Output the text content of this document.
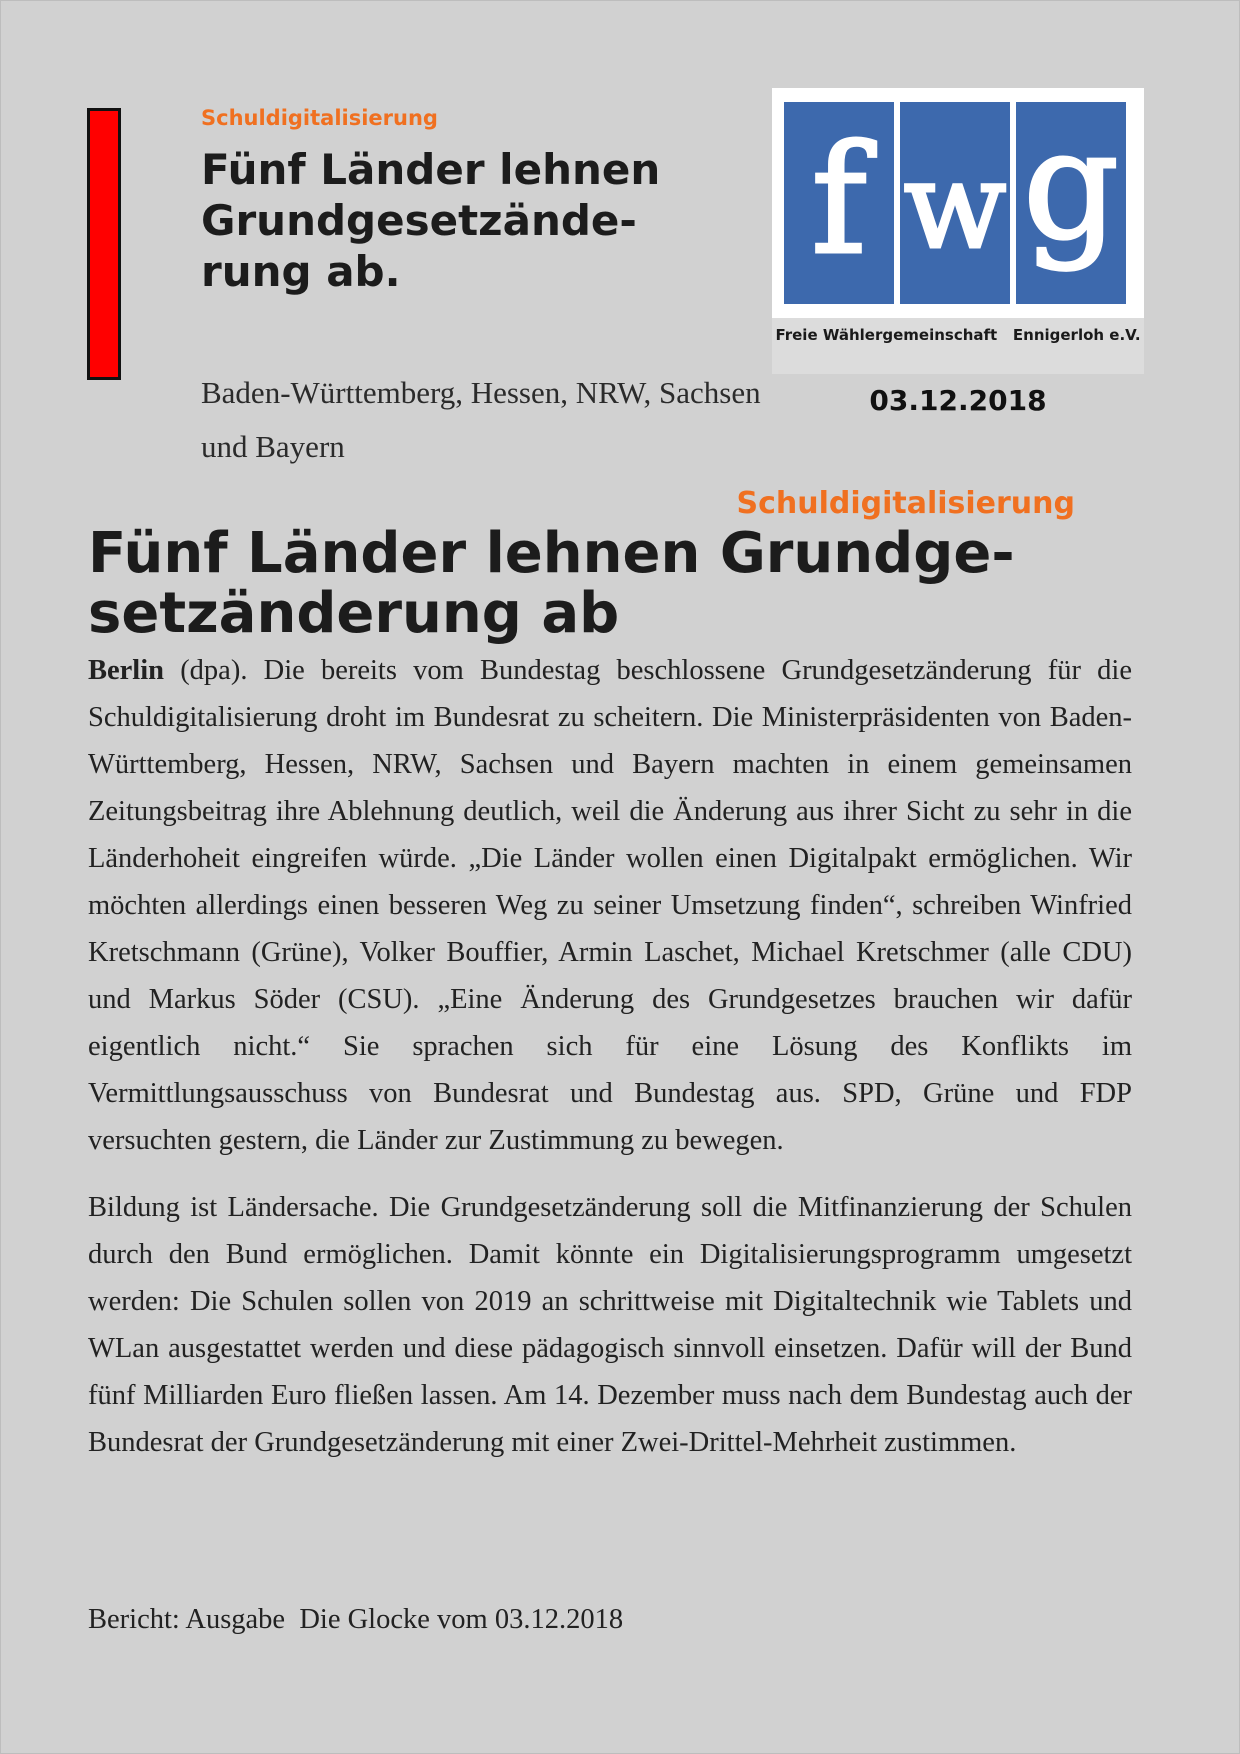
Schuldigitalisierung
Fünf Länder lehnen Grundgesetzänderung ab.
Baden-Württemberg, Hessen, NRW, Sachsen und Bayern
f w g
Freie Wählergemeinschaft   Ennigerloh e.V.
03.12.2018
Schuldigitalisierung
Fünf Länder lehnen Grundgesetzänderung ab

Berlin (dpa). Die bereits vom Bundestag beschlossene Grundgesetzänderung für die Schuldigitalisierung droht im Bundesrat zu scheitern. Die Ministerpräsidenten von Baden-Württemberg, Hessen, NRW, Sachsen und Bayern machten in einem gemeinsamen Zeitungsbeitrag ihre Ablehnung deutlich, weil die Änderung aus ihrer Sicht zu sehr in die Länderhoheit eingreifen würde. „Die Länder wollen einen Digitalpakt ermöglichen. Wir möchten allerdings einen besseren Weg zu seiner Umsetzung finden“, schreiben Winfried Kretschmann (Grüne), Volker Bouffier, Armin Laschet, Michael Kretschmer (alle CDU) und Markus Söder (CSU). „Eine Änderung des Grundgesetzes brauchen wir dafür eigentlich nicht.“ Sie sprachen sich für eine Lösung des Konflikts im Vermittlungsausschuss von Bundesrat und Bundestag aus. SPD, Grüne und FDP versuchten gestern, die Länder zur Zustimmung zu bewegen.

Bildung ist Ländersache. Die Grundgesetzänderung soll die Mitfinanzierung der Schulen durch den Bund ermöglichen. Damit könnte ein Digitalisierungsprogramm umgesetzt werden: Die Schulen sollen von 2019 an schrittweise mit Digitaltechnik wie Tablets und WLan ausgestattet werden und diese pädagogisch sinnvoll einsetzen. Dafür will der Bund fünf Milliarden Euro fließen lassen. Am 14. Dezember muss nach dem Bundestag auch der Bundesrat der Grundgesetzänderung mit einer Zwei-Drittel-Mehrheit zustimmen.

Bericht: Ausgabe  Die Glocke vom 03.12.2018
